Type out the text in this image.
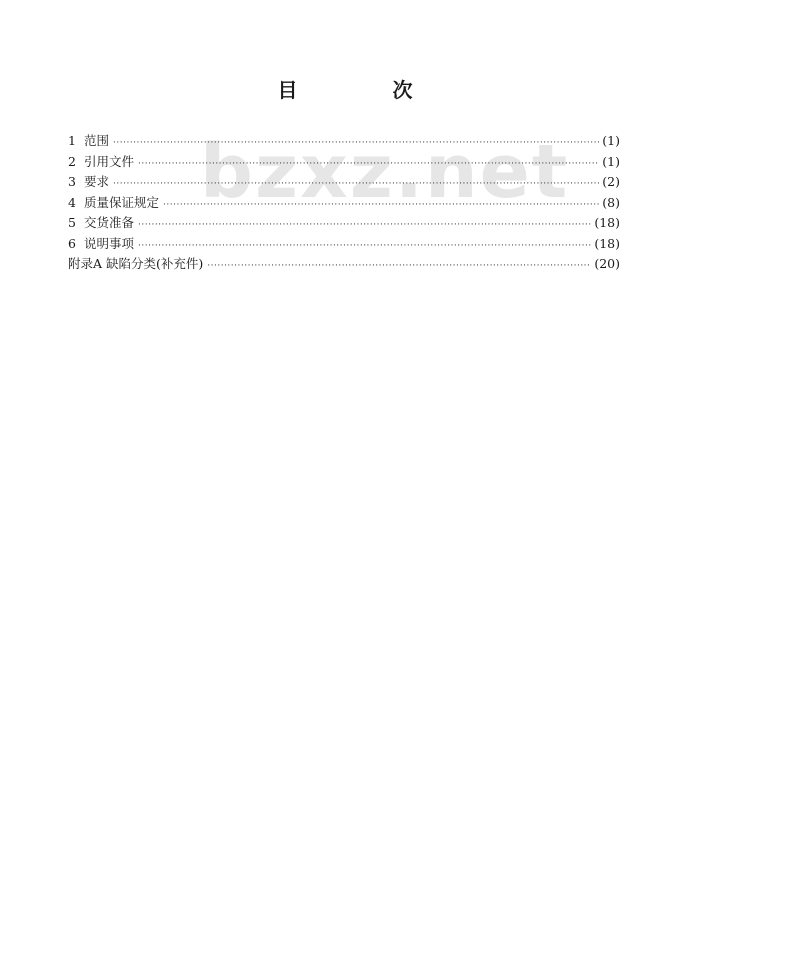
目 次
bzxz.net
1 范围 ·····	(1)
2 引用文件 ·····	(1)
3 要求 ·····	(2)
4 质量保证规定 ·····	(8)
5 交货准备 ·····	(18)
6 说明事项 ·····	(18)
附录A 缺陷分类(补充件) ·····	(20)
